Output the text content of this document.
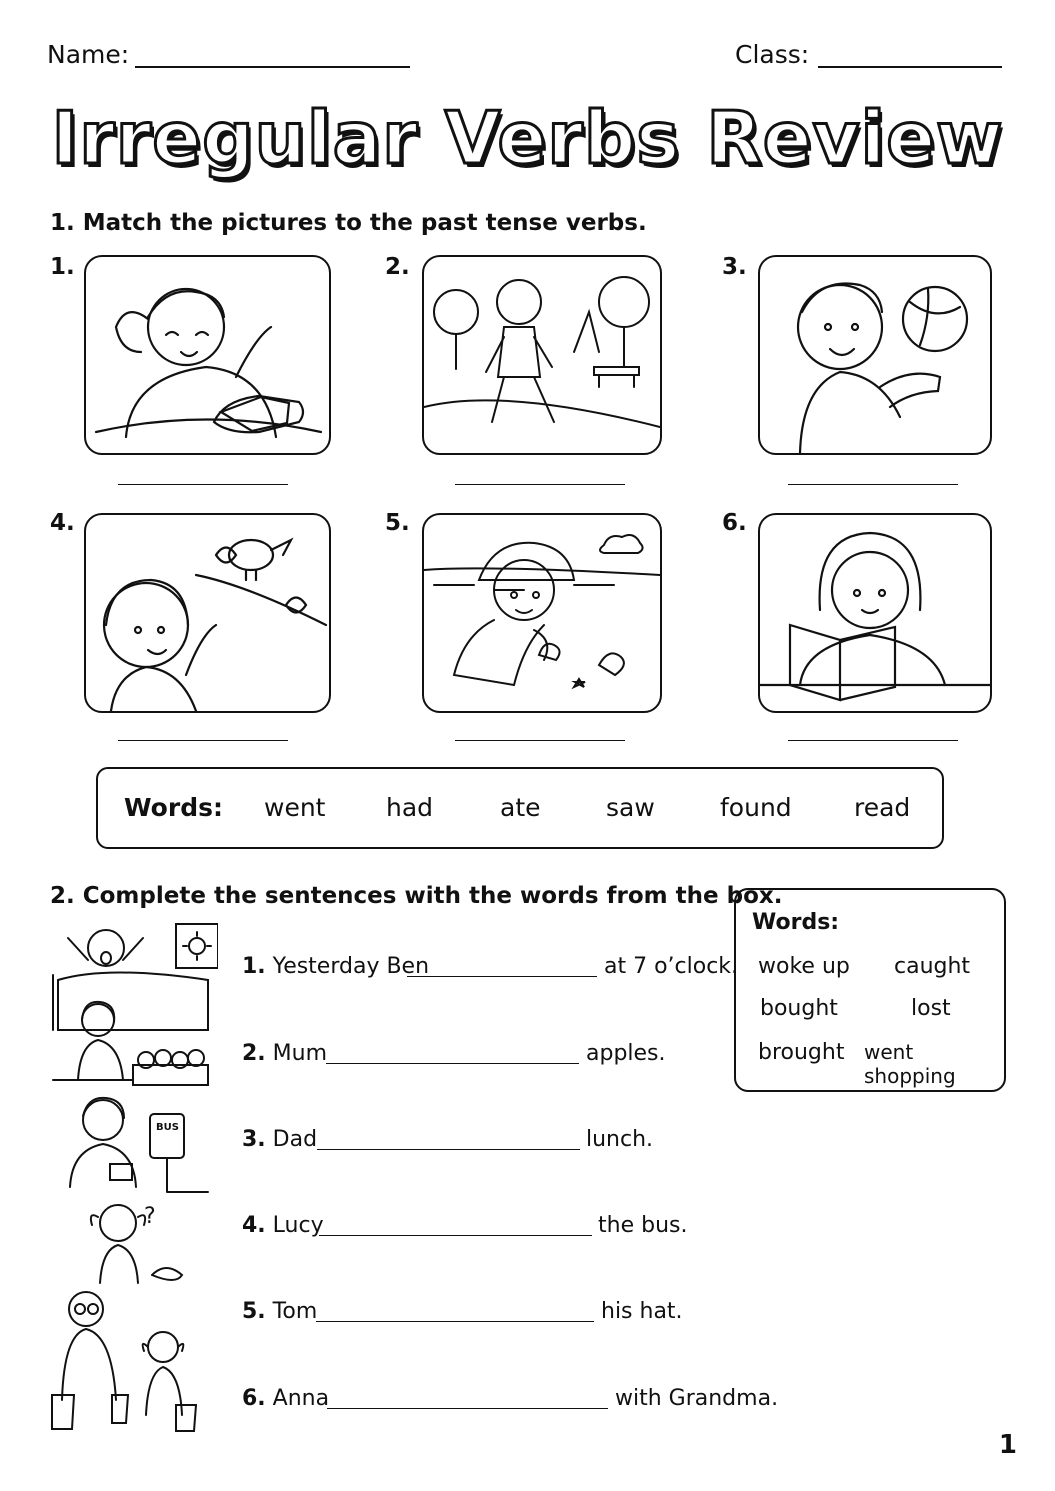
Name:	Class:
Irregular Verbs Review
1. Match the pictures to the past tense verbs.
1.	2.	3.
4.	5.	6.
Words: went had	ate	saw	found read
2. Complete the sentences with the words from the box.
BUS
?
1. Yesterday Ben	at 7 o’clock.
2. Mum	apples.
3. Dad	lunch.
4. Lucy	the bus.
5. Tom	his hat.
6. Anna	with Grandma.
Words:
woke up caught
bought	lost
brought went shopping
1
